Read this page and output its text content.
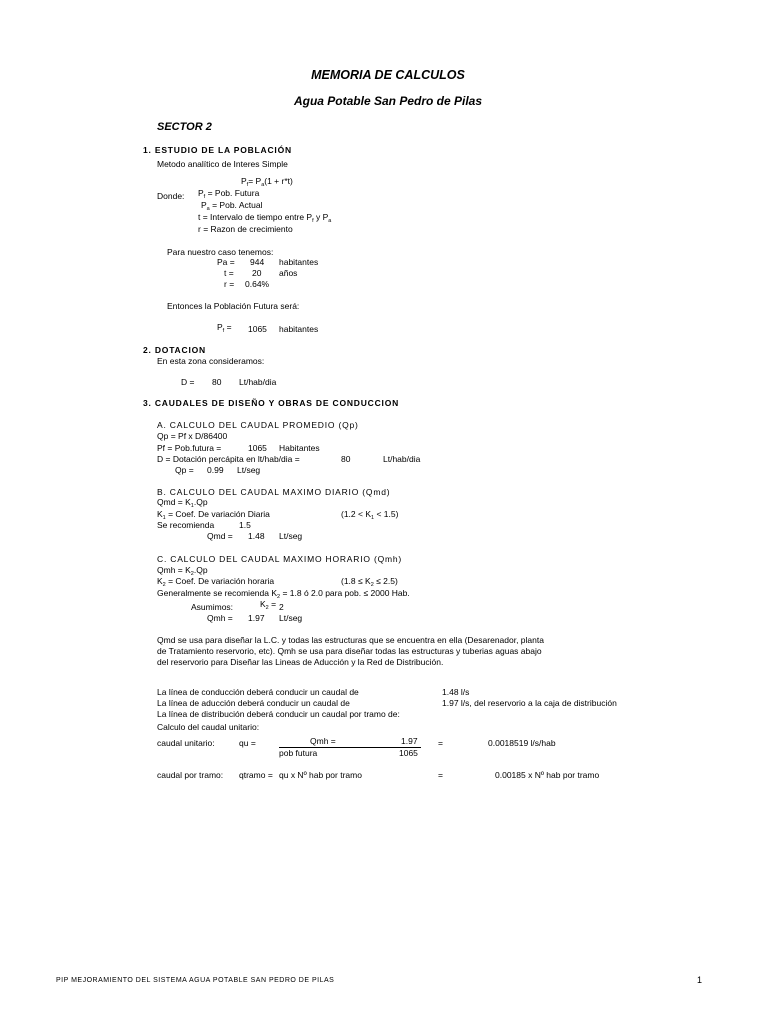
MEMORIA DE CALCULOS
Agua Potable San Pedro de Pilas
SECTOR 2
1. ESTUDIO DE LA POBLACIÓN
Metodo analítico de Interes Simple
$P_f= P_a(1 + r*t)$
Donde: $P_f$ = Pob. Futura
$P_a$ = Pob. Actual
t = Intervalo de tiempo entre $P_f$ y $P_a$
r = Razon de crecimiento
Para nuestro caso tenemos:
Pa = 944 habitantes
t = 20 años
r = 0.64%
Entonces la Población Futura será:
$P_f = 1065$ habitantes
2. DOTACION
En esta zona consideramos:
D = 80 Lt/hab/dia
3. CAUDALES DE DISEÑO Y OBRAS DE CONDUCCION
A. CALCULO DEL CAUDAL PROMEDIO (Qp)
Qp = Pf x D/86400
Pf = Pob.futura =	1065 Habitantes
D = Dotación percápita en lt/hab/dia =	80	Lt/hab/dia
Qp = 0.99 Lt/seg
B. CALCULO DEL CAUDAL MAXIMO DIARIO (Qmd)
Qmd = $K_1.Qp$
$K_1$ = Coef. De variación Diaria	$(1.2 < K_1 < 1.5)$
Se recomienda	1.5
Qmd = 1.48 Lt/seg
C. CALCULO DEL CAUDAL MAXIMO HORARIO (Qmh)
Qmh = $K_2.Qp$
$K_2$ = Coef. De variación horaria	$(1.8 \le K_2 \le 2.5)$
Generalmente se recomienda $K_2 = 1.8$ ó 2.0 para pob. ≤ 2000 Hab.
Asumimos:	$K_2 = 2$
Qmh = 1.97 Lt/seg
Qmd se usa para diseñar la L.C. y todas las estructuras que se encuentra en ella (Desarenador, planta
de Tratamiento reservorio, etc). Qmh se usa para diseñar todas las estructuras y tuberias aguas abajo
del reservorio para Diseñar las Lineas de Aducción y la Red de Distribución.
La línea de conducción deberá conducir un caudal de	1.48 l/s
La línea de aducción deberá conducir un caudal de	1.97 l/s, del reservorio a la caja de distribución
La línea de distribución deberá conducir un caudal por tramo de:
Calculo del caudal unitario:
caudal unitario:	qu =	Qmh =	1.97
pob futura	1065
=	0.0018519 l/s/hab
caudal por tramo: qtramo = qu x Nº hab por tramo	=	0.00185 x Nº hab por tramo
PIP MEJORAMIENTO DEL SISTEMA AGUA POTABLE SAN PEDRO DE PILAS	1
